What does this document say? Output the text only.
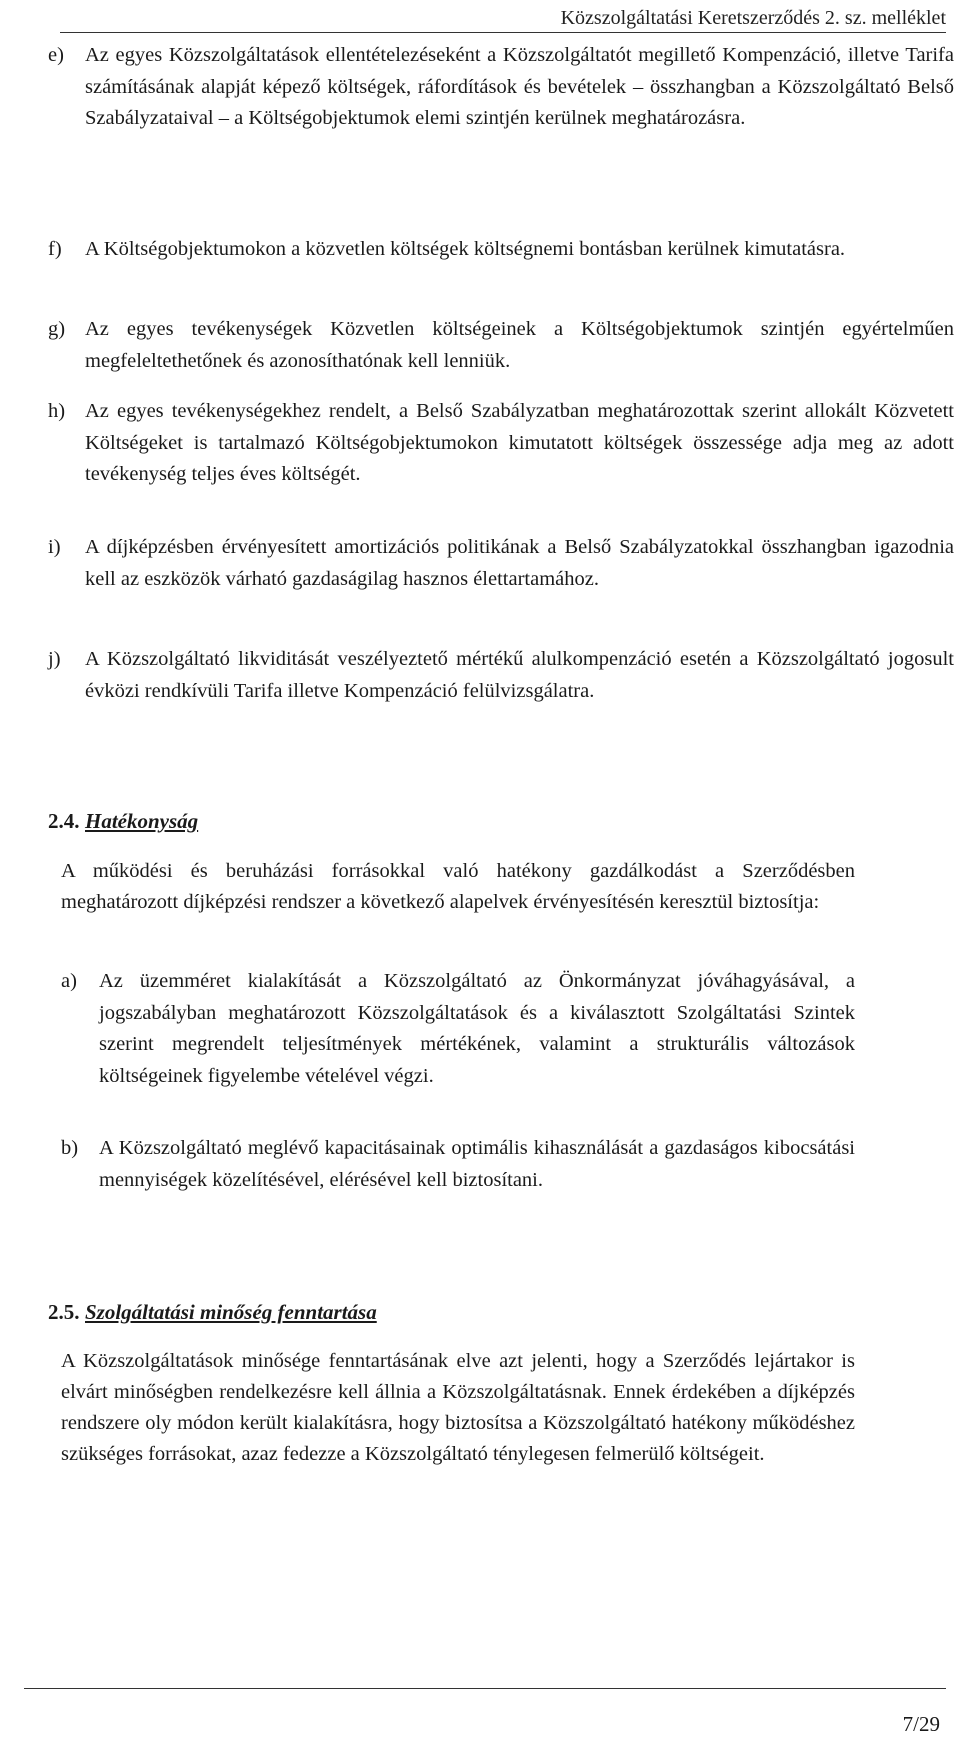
Közszolgáltatási Keretszerződés 2. sz. melléklet
e) Az egyes Közszolgáltatások ellentételezéseként a Közszolgáltatót megillető Kompenzáció, illetve Tarifa számításának alapját képező költségek, ráfordítások és bevételek – összhangban a Közszolgáltató Belső Szabályzataival – a Költségobjektumok elemi szintjén kerülnek meghatározásra.
f) A Költségobjektumokon a közvetlen költségek költségnemi bontásban kerülnek kimutatásra.
g) Az egyes tevékenységek Közvetlen költségeinek a Költségobjektumok szintjén egyértelműen megfeleltethetőnek és azonosíthatónak kell lenniük.
h) Az egyes tevékenységekhez rendelt, a Belső Szabályzatban meghatározottak szerint allokált Közvetett Költségeket is tartalmazó Költségobjektumokon kimutatott költségek összessége adja meg az adott tevékenység teljes éves költségét.
i) A díjképzésben érvényesített amortizációs politikának a Belső Szabályzatokkal összhangban igazodnia kell az eszközök várható gazdaságilag hasznos élettartamához.
j) A Közszolgáltató likviditását veszélyeztető mértékű alulkompenzáció esetén a Közszolgáltató jogosult évközi rendkívüli Tarifa illetve Kompenzáció felülvizsgálatra.
2.4. Hatékonyság
A működési és beruházási forrásokkal való hatékony gazdálkodást a Szerződésben meghatározott díjképzési rendszer a következő alapelvek érvényesítésén keresztül biztosítja:
a) Az üzemméret kialakítását a Közszolgáltató az Önkormányzat jóváhagyásával, a jogszabályban meghatározott Közszolgáltatások és a kiválasztott Szolgáltatási Szintek szerint megrendelt teljesítmények mértékének, valamint a strukturális változások költségeinek figyelembe vételével végzi.
b) A Közszolgáltató meglévő kapacitásainak optimális kihasználását a gazdaságos kibocsátási mennyiségek közelítésével, elérésével kell biztosítani.
2.5. Szolgáltatási minőség fenntartása
A Közszolgáltatások minősége fenntartásának elve azt jelenti, hogy a Szerződés lejártakor is elvárt minőségben rendelkezésre kell állnia a Közszolgáltatásnak. Ennek érdekében a díjképzés rendszere oly módon került kialakításra, hogy biztosítsa a Közszolgáltató hatékony működéshez szükséges forrásokat, azaz fedezze a Közszolgáltató ténylegesen felmerülő költségeit.
7/29
